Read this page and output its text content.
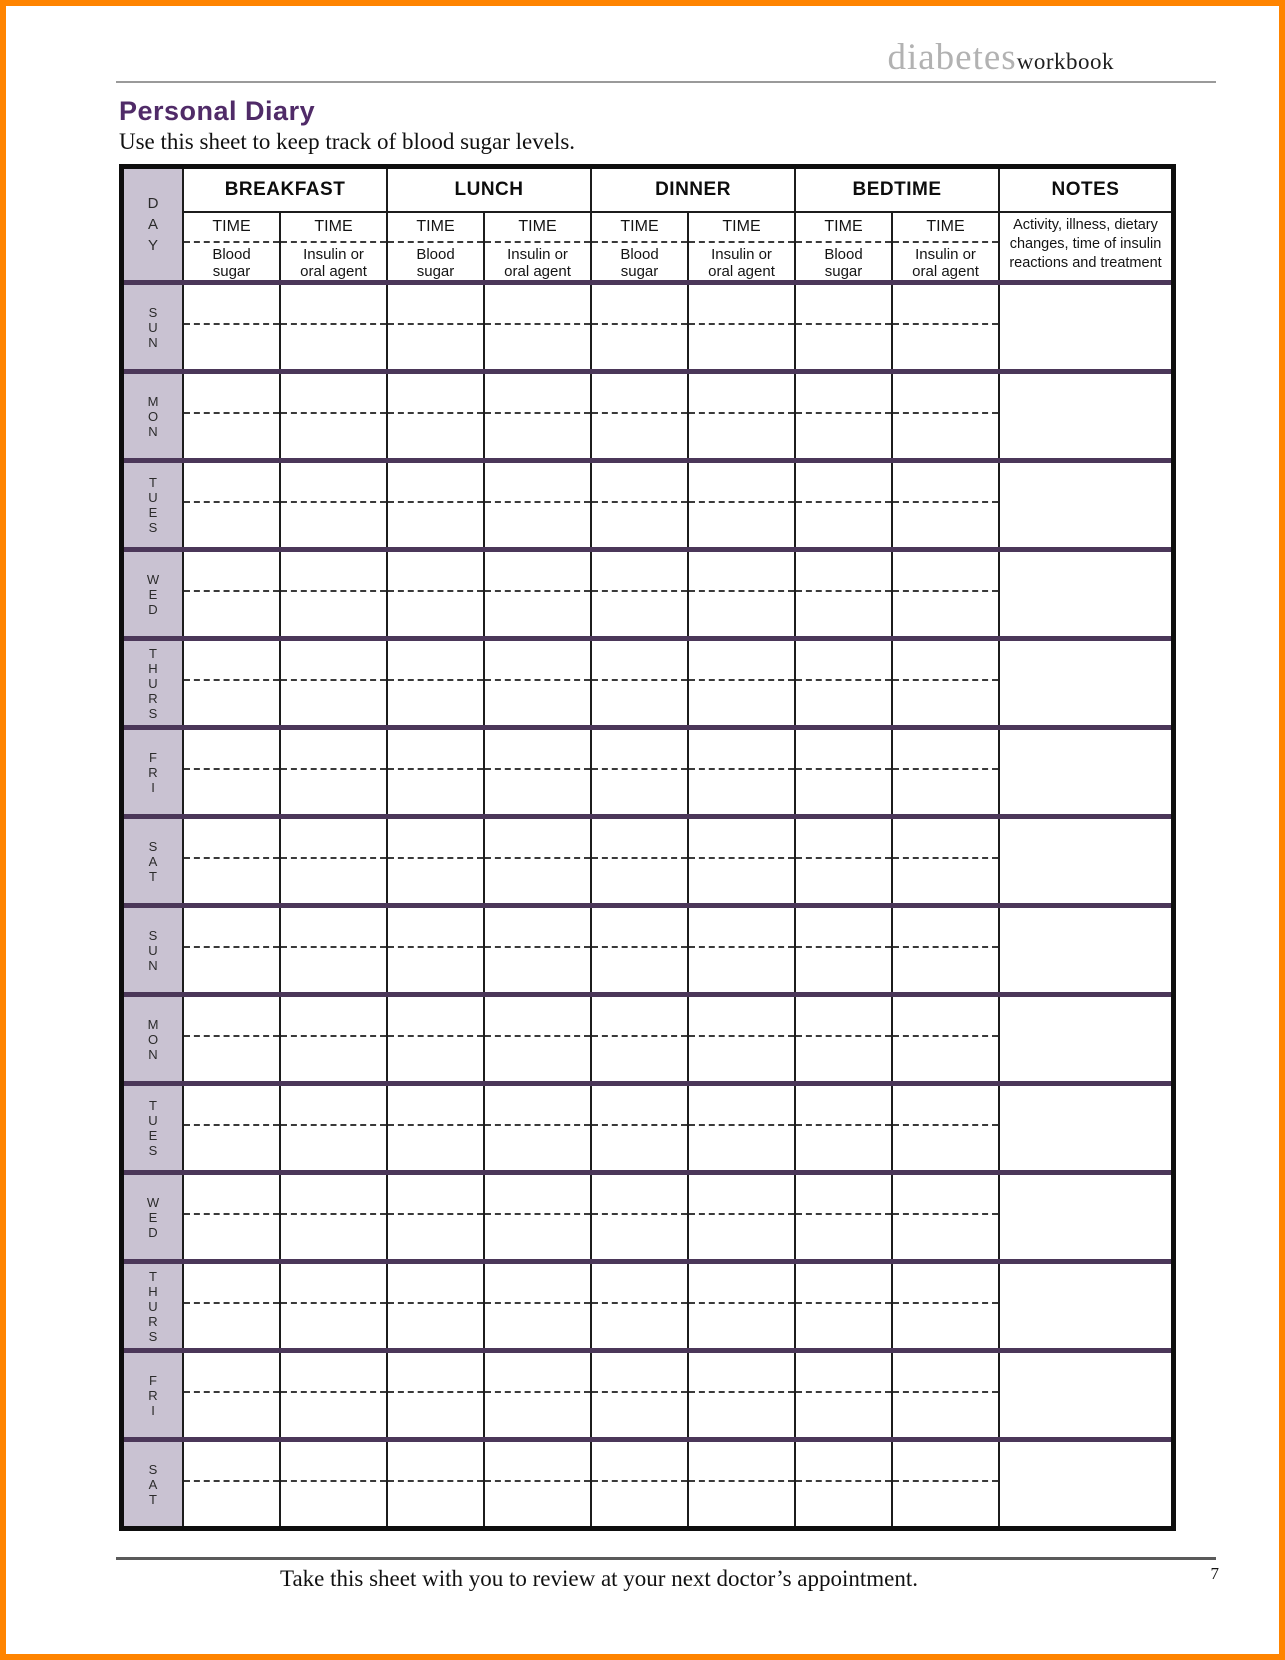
diabetesworkbook
Personal Diary

Use this sheet to keep track of blood sugar levels.

D
A
Y
BREAKFAST
TIME
Blood
sugar
TIME
Insulin or
oral agent
LUNCH
TIME
Blood
sugar
TIME
Insulin or
oral agent
DINNER
TIME
Blood
sugar
TIME
Insulin or
oral agent
BEDTIME
TIME
Blood
sugar
TIME
Insulin or
oral agent
NOTES
Activity, illness, dietary changes, time of insulin reactions and treatment
S
U
N
M
O
N
T
U
E
S
W
E
D
T
H
U
R
S
F
R
I
S
A
T
S
U
N
M
O
N
T
U
E
S
W
E
D
T
H
U
R
S
F
R
I
S
A
T

Take this sheet with you to review at your next doctor’s appointment.	7
